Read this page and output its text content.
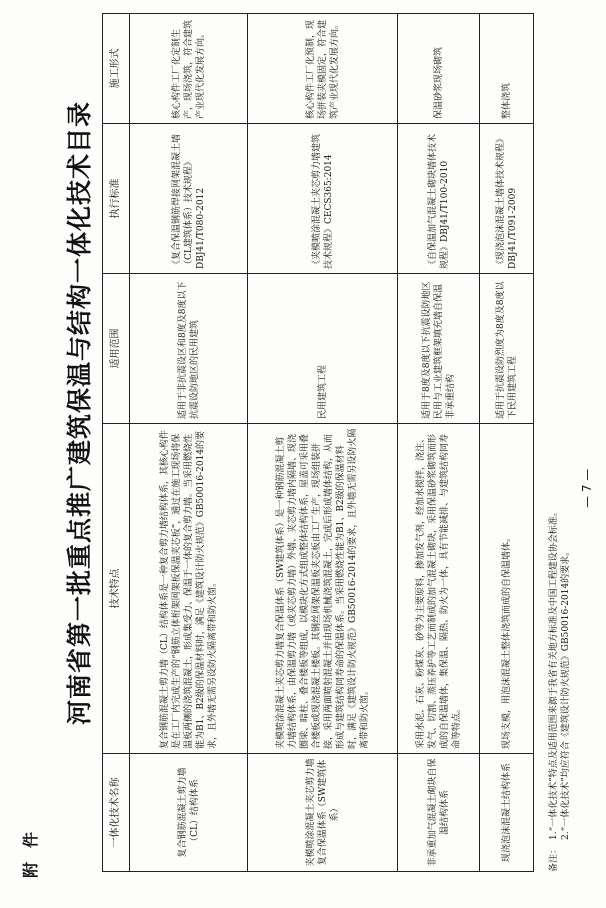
附件
河南省第一批重点推广建筑保温与结构一体化技术目录
一体化技术名称	技术特点	适用范围	执行标准	施工形式
复合钢筋混凝土剪力墙（CL）结构体系	复合钢筋混凝土剪力墙（CL）结构体系是一种复合剪力墙结构体系，其核心构件是在工厂内完成生产的“钢筋立体桁架网架板保温夹芯板”，通过在施工现场将保温板两侧的浇筑混凝土，形成集受力、保温于一体的复合剪力墙。当采用燃烧性能为B1、B2级的保温材料时，满足《建筑设计防火规范》GB50016-2014的要求，且外墙无需另设防火隔离带和防火窗。	适用于非抗震设区和8度及8度以下抗震设防地区的民用建筑	《复合保温钢筋焊接网架混凝土墙（CL建筑体系）技术规程》DBJ41/T080-2012	核心构件工厂化定制生产，现场浇筑，符合建筑产业现代化发展方向。
夹模喷涂混凝土夹芯剪力墙复合保温体系（SW建筑体系）	夹模喷涂混凝土夹芯剪力墙复合保温体系（SW建筑体系）是一种钢筋混凝土剪力墙结构体系，由保温剪力墙（或夹芯剪力墙）外墙、夹芯剪力墙内隔墙、现浇圈梁、暗柱、叠合楼板等组成，以模块化方式组成整体结构体系，屋盖可采用叠合楼板或现浇混凝土楼板。其钢丝网架保温板夹芯板由工厂生产，现场组装拼接，采用两面喷射混凝土并由现场机械浇筑混凝土，完成后形成墙体结构，从而形成与建筑结构同寿命的保温体系。当采用燃烧性能为B1、B2级的保温材料时，满足《建筑设计防火规范》GB50016-2014的要求，且外墙无需另设防火隔离带和防火窗。	民用建筑工程	《夹模喷涂混凝土夹芯剪力墙建筑技术规程》CECS365:2014	核心构件工厂化预制，现场拼装夹模固定，符合建筑产业现代化发展方向。
非承重加气混凝土砌块自保温结构体系	采用水泥、石灰、粉煤灰、砂等为主要原料，掺加发气剂，经加水搅拌，浇注、发气、切割、蒸压养护等工艺而制成的加气混凝土砌块，采用保温砂浆砌筑而形成的自保温墙体，集保温、隔热、防火为一体，具有节能减排、与建筑结构同寿命等特点。	适用于8度及8度以下抗震设防地区民用与工业建筑框架填充墙自保温非承重结构	《自保温加气混凝土砌块墙体技术规程》DBJ41/T100-2010	保温砂浆现场砌筑
现浇泡沫混凝土结构体系	现场支模，用泡沫混凝土整体浇筑而成的自保温墙体。	适用于抗震设防烈度为8度及8度以下民用建筑工程	《现浇泡沫混凝土墙体技术规程》DBJ41/T091-2009	整体浇筑
备注：
1.“一体化技术”特点及适用范围来源于我省有关地方标准及中国工程建设协会标准。 2.“一体化技术”均应符合《建筑设计防火规范》GB50016-2014的要求。
— 7 —
